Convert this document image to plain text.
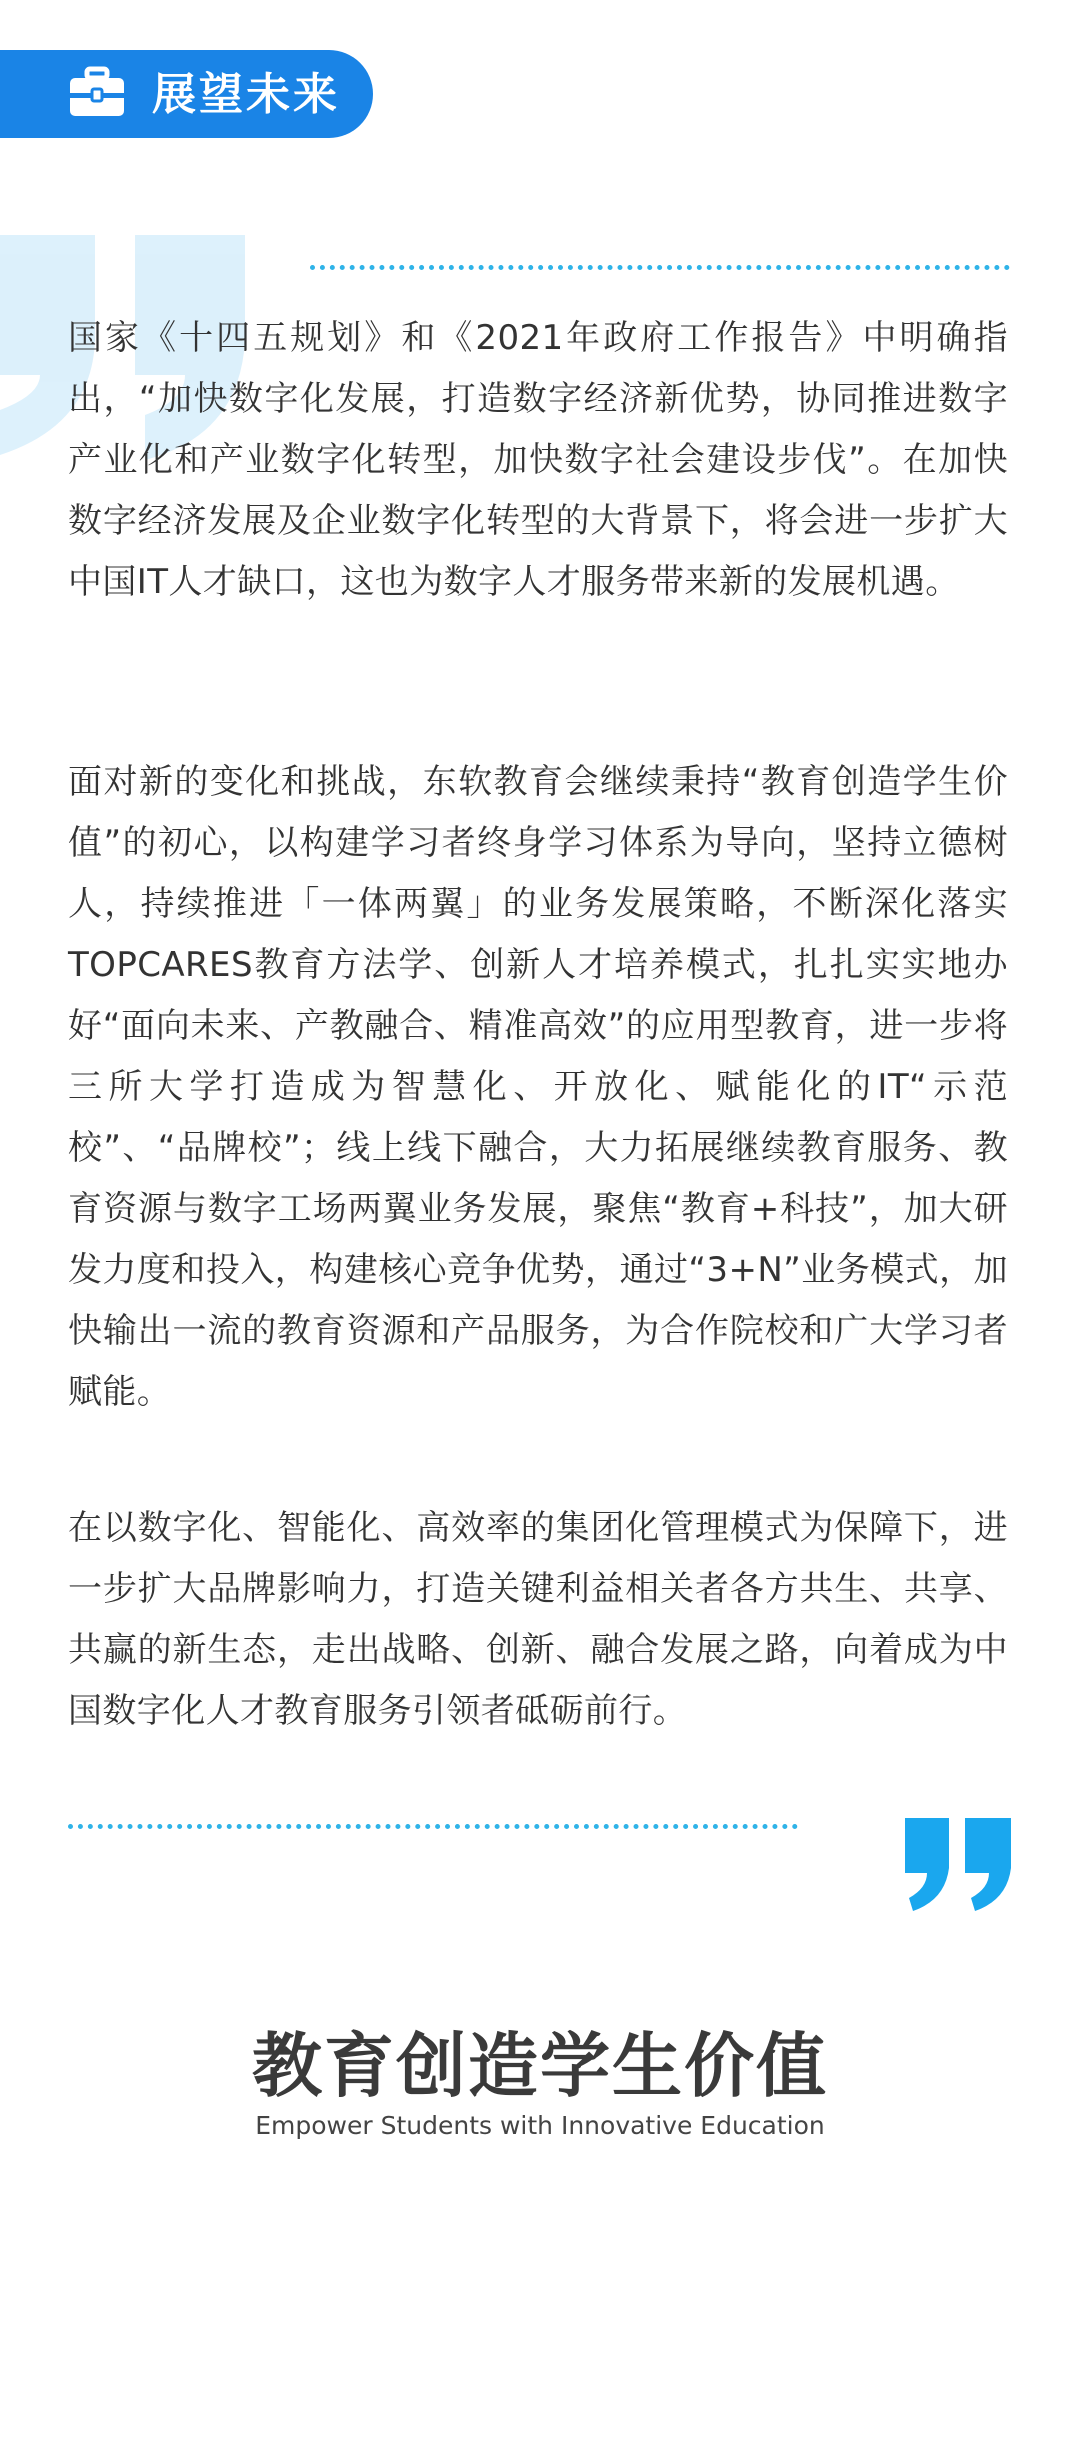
展望未来

国家《十四五规划》和《2021年政府工作报告》中明确指出，“加快数字化发展，打造数字经济新优势，协同推进数字产业化和产业数字化转型，加快数字社会建设步伐”。在加快数字经济发展及企业数字化转型的大背景下，将会进一步扩大中国IT人才缺口，这也为数字人才服务带来新的发展机遇。

面对新的变化和挑战，东软教育会继续秉持“教育创造学生价值”的初心，以构建学习者终身学习体系为导向，坚持立德树人，持续推进「一体两翼」的业务发展策略，不断深化落实TOPCARES教育方法学、创新人才培养模式，扎扎实实地办好“面向未来、产教融合、精准高效”的应用型教育，进一步将三所大学打造成为智慧化、开放化、赋能化的IT“示范校”、“品牌校”；线上线下融合，大力拓展继续教育服务、教育资源与数字工场两翼业务发展，聚焦“教育+科技”，加大研发力度和投入，构建核心竞争优势，通过“3+N”业务模式，加快输出一流的教育资源和产品服务，为合作院校和广大学习者赋能。

在以数字化、智能化、高效率的集团化管理模式为保障下，进一步扩大品牌影响力，打造关键利益相关者各方共生、共享、共赢的新生态，走出战略、创新、融合发展之路，向着成为中国数字化人才教育服务引领者砥砺前行。

教育创造学生价值
Empower Students with Innovative Education
